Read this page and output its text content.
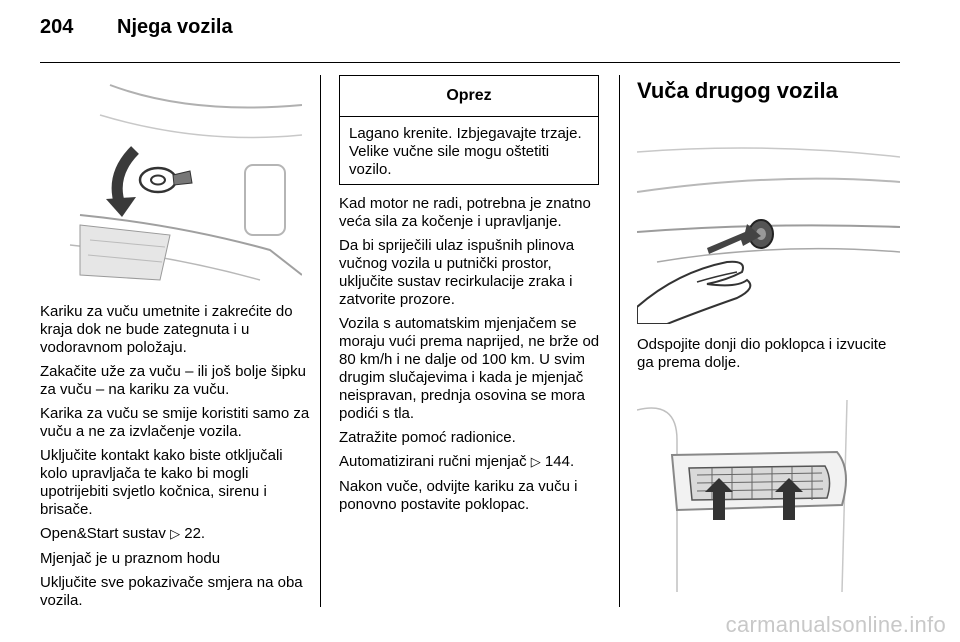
204	Njega vozila

Kariku za vuču umetnite i zakrećite do kraja dok ne bude zategnuta i u vodoravnom položaju.

Zakačite uže za vuču – ili još bolje šipku za vuču – na kariku za vuču.

Karika za vuču se smije koristiti samo za vuču a ne za izvlačenje vozila.

Uključite kontakt kako biste otključali kolo upravljača te kako bi mogli upotrijebiti svjetlo kočnica, sirenu i brisače.

Open&Start sustav ▷ 22.

Mjenjač je u praznom hodu

Uključite sve pokazivače smjera na oba vozila.

Oprez
Lagano krenite. Izbjegavajte trzaje. Velike vučne sile mogu oštetiti vozilo.

Kad motor ne radi, potrebna je znatno veća sila za kočenje i upravljanje.

Da bi spriječili ulaz ispušnih plinova vučnog vozila u putnički prostor, uključite sustav recirkulacije zraka i zatvorite prozore.

Vozila s automatskim mjenjačem se moraju vući prema naprijed, ne brže od 80 km/h i ne dalje od 100 km. U svim drugim slučajevima i kada je mjenjač neispravan, prednja osovina se mora podići s tla.

Zatražite pomoć radionice.

Automatizirani ručni mjenjač ▷ 144.

Nakon vuče, odvijte kariku za vuču i ponovno postavite poklopac.

Vuča drugog vozila

Odspojite donji dio poklopca i izvucite ga prema dolje.

carmanualsonline.info
